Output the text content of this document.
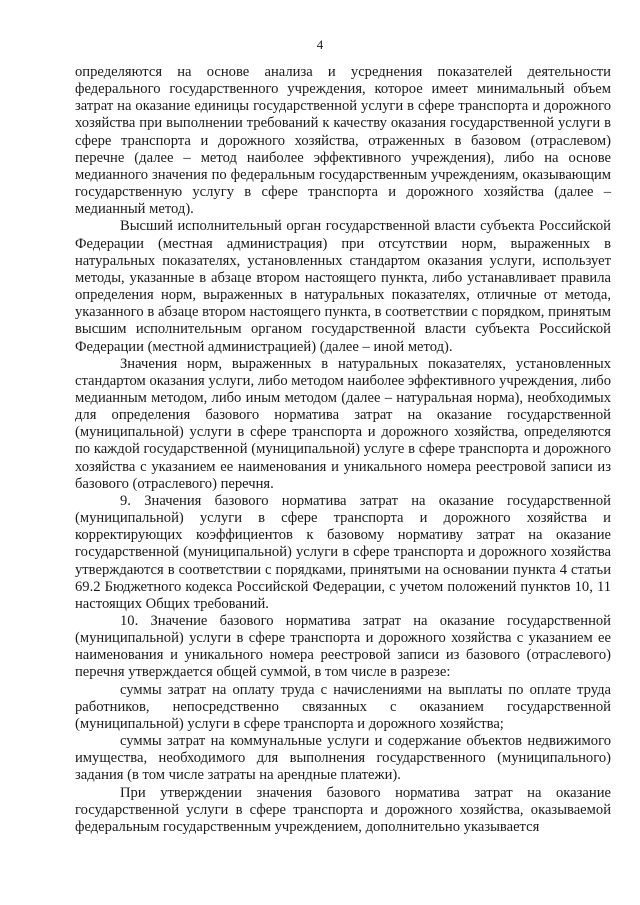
4

определяются на основе анализа и усреднения показателей деятельности федерального государственного учреждения, которое имеет минимальный объем затрат на оказание единицы государственной услуги в сфере транспорта и дорожного хозяйства при выполнении требований к качеству оказания государственной услуги в сфере транспорта и дорожного хозяйства, отраженных в базовом (отраслевом) перечне (далее – метод наиболее эффективного учреждения), либо на основе медианного значения по федеральным государственным учреждениям, оказывающим государственную услугу в сфере транспорта и дорожного хозяйства (далее – медианный метод).

Высший исполнительный орган государственной власти субъекта Российской Федерации (местная администрация) при отсутствии норм, выраженных в натуральных показателях, установленных стандартом оказания услуги, использует методы, указанные в абзаце втором настоящего пункта, либо устанавливает правила определения норм, выраженных в натуральных показателях, отличные от метода, указанного в абзаце втором настоящего пункта, в соответствии с порядком, принятым высшим исполнительным органом государственной власти субъекта Российской Федерации (местной администрацией) (далее – иной метод).

Значения норм, выраженных в натуральных показателях, установленных стандартом оказания услуги, либо методом наиболее эффективного учреждения, либо медианным методом, либо иным методом (далее – натуральная норма), необходимых для определения базового норматива затрат на оказание государственной (муниципальной) услуги в сфере транспорта и дорожного хозяйства, определяются по каждой государственной (муниципальной) услуге в сфере транспорта и дорожного хозяйства с указанием ее наименования и уникального номера реестровой записи из базового (отраслевого) перечня.

9. Значения базового норматива затрат на оказание государственной (муниципальной) услуги в сфере транспорта и дорожного хозяйства и корректирующих коэффициентов к базовому нормативу затрат на оказание государственной (муниципальной) услуги в сфере транспорта и дорожного хозяйства утверждаются в соответствии с порядками, принятыми на основании пункта 4 статьи 69.2 Бюджетного кодекса Российской Федерации, с учетом положений пунктов 10, 11 настоящих Общих требований.

10. Значение базового норматива затрат на оказание государственной (муниципальной) услуги в сфере транспорта и дорожного хозяйства с указанием ее наименования и уникального номера реестровой записи из базового (отраслевого) перечня утверждается общей суммой, в том числе в разрезе:

суммы затрат на оплату труда с начислениями на выплаты по оплате труда работников, непосредственно связанных с оказанием государственной (муниципальной) услуги в сфере транспорта и дорожного хозяйства;

суммы затрат на коммунальные услуги и содержание объектов недвижимого имущества, необходимого для выполнения государственного (муниципального) задания (в том числе затраты на арендные платежи).

При утверждении значения базового норматива затрат на оказание государственной услуги в сфере транспорта и дорожного хозяйства, оказываемой федеральным государственным учреждением, дополнительно указывается
